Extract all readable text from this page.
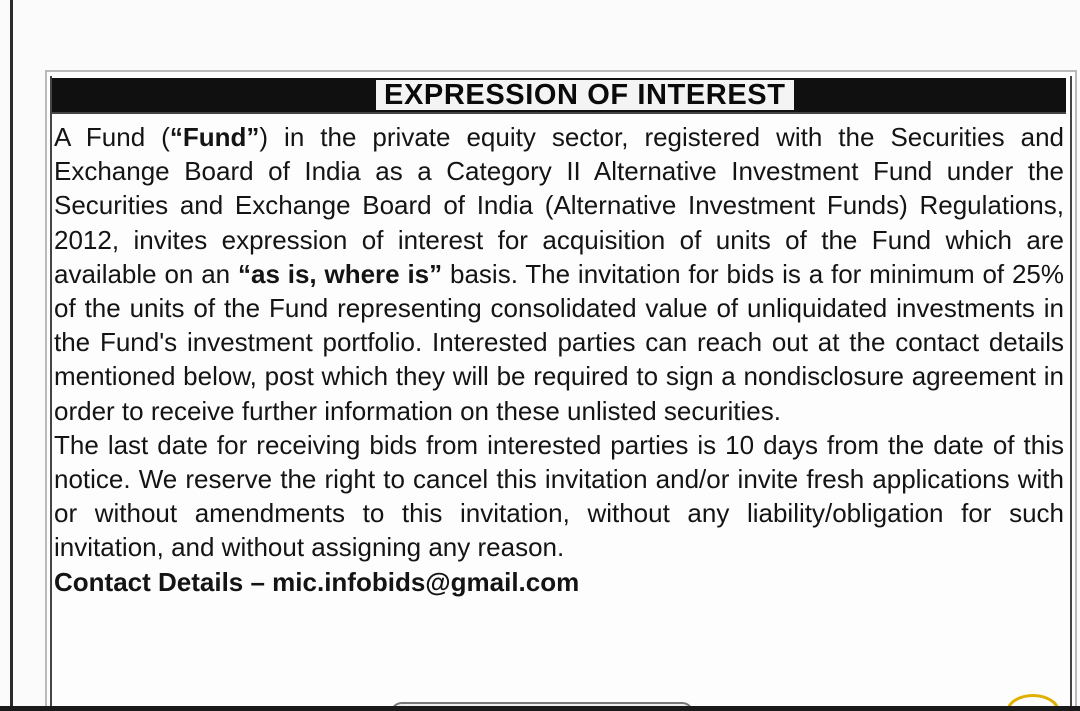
EXPRESSION OF INTEREST

A Fund (“Fund”) in the private equity sector, registered with the Securities and Exchange Board of India as a Category II Alternative Investment Fund under the Securities and Exchange Board of India (Alternative Investment Funds) Regulations, 2012, invites expression of interest for acquisition of units of the Fund which are available on an “as is, where is” basis. The invitation for bids is a for minimum of 25% of the units of the Fund representing consolidated value of unliquidated investments in the Fund's investment portfolio. Interested parties can reach out at the contact details mentioned below, post which they will be required to sign a nondisclosure agreement in order to receive further information on these unlisted securities.

The last date for receiving bids from interested parties is 10 days from the date of this notice. We reserve the right to cancel this invitation and/or invite fresh applications with or without amendments to this invitation, without any liability/obligation for such invitation, and without assigning any reason.

Contact Details – mic.infobids@gmail.com
